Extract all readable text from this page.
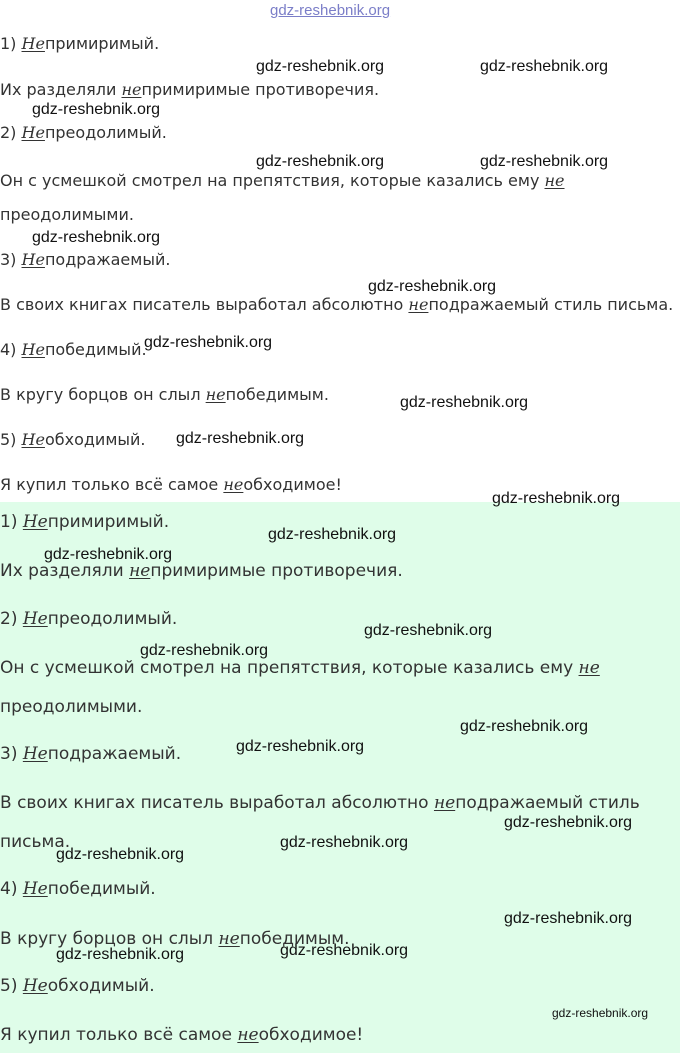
1) Непримиримый.
Их разделяли непримиримые противоречия.
2) Непреодолимый.
Он с усмешкой смотрел на препятствия, которые казались ему не
преодолимыми.
3) Неподражаемый.
В своих книгах писатель выработал абсолютно неподражаемый стиль письма.
4) Непобедимый.
В кругу борцов он слыл непобедимым.
5) Необходимый.
Я купил только всё самое необходимое!
1) Непримиримый.
Их разделяли непримиримые противоречия.
2) Непреодолимый.
Он с усмешкой смотрел на препятствия, которые казались ему не
преодолимыми.
3) Неподражаемый.
В своих книгах писатель выработал абсолютно неподражаемый стиль
письма.
4) Непобедимый.
В кругу борцов он слыл непобедимым.
5) Необходимый.
Я купил только всё самое необходимое!
gdz-reshebnik.org
gdz-reshebnik.org	gdz-reshebnik.org
gdz-reshebnik.org
gdz-reshebnik.org	gdz-reshebnik.org
gdz-reshebnik.org
gdz-reshebnik.org
gdz-reshebnik.org
gdz-reshebnik.org
gdz-reshebnik.org
gdz-reshebnik.org
gdz-reshebnik.org
gdz-reshebnik.org
gdz-reshebnik.org
gdz-reshebnik.org
gdz-reshebnik.org
gdz-reshebnik.org
gdz-reshebnik.org
gdz-reshebnik.org
gdz-reshebnik.org
gdz-reshebnik.org
gdz-reshebnik.org
gdz-reshebnik.org
gdz-reshebnik.org
